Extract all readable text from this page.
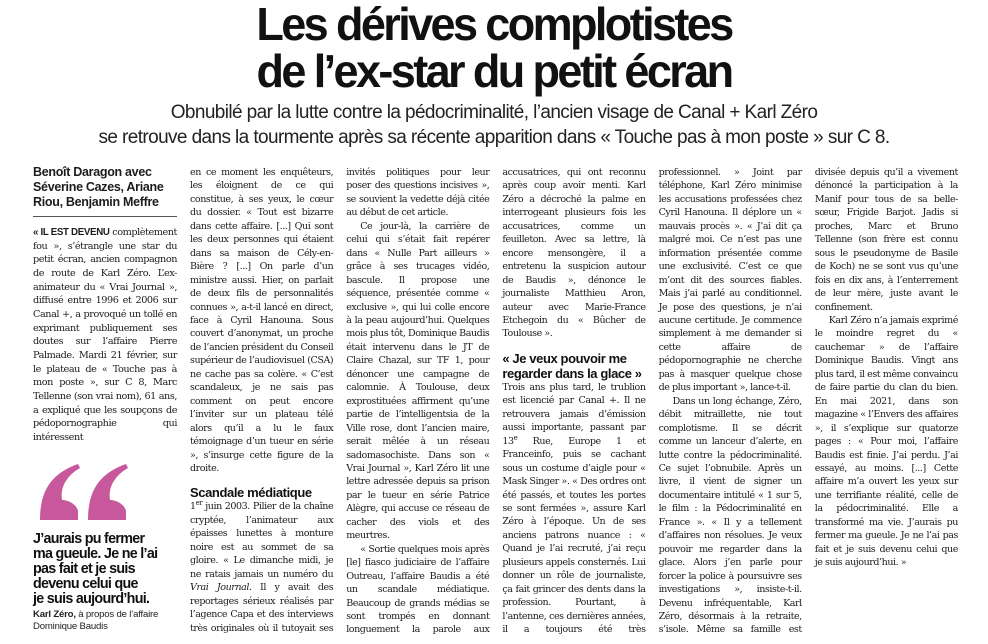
Les dérives complotistes
de l’ex-star du petit écran
Obnubilé par la lutte contre la pédocriminalité, l’ancien visage de Canal + Karl Zéro
se retrouve dans la tourmente après sa récente apparition dans « Touche pas à mon poste » sur C 8.
Benoît Daragon avec Séverine Cazes, Ariane Riou, Benjamin Meffre

« IL EST DEVENU complètement fou », s’étrangle une star du petit écran, ancien compagnon de route de Karl Zéro. L’ex-animateur du « Vrai Journal », diffusé entre 1996 et 2006 sur Canal +, a provoqué un tollé en exprimant publiquement ses doutes sur l’affaire Pierre Palmade. Mardi 21 février, sur le plateau de « Touche pas à mon poste », sur C 8, Marc Tellenne (son vrai nom), 61 ans, a expliqué que les soupçons de pédopornographie qui intéressent

J’aurais pu fermer
ma gueule. Je ne l’ai
pas fait et je suis
devenu celui que
je suis aujourd’hui.
Karl Zéro, à propos de l’affaire Dominique Baudis

en ce moment les enquêteurs, les éloignent de ce qui constitue, à ses yeux, le cœur du dossier. « Tout est bizarre dans cette affaire. [...] Qui sont les deux personnes qui étaient dans sa maison de Cély-en-Bière ? [...] On parle d’un ministre aussi. Hier, on parlait de deux fils de personnalités connues », a-t-il lancé en direct, face à Cyril Hanouna. Sous couvert d’anonymat, un proche de l’ancien président du Conseil supérieur de l’audiovisuel (CSA) ne cache pas sa colère. « C’est scandaleux, je ne sais pas comment on peut encore l’inviter sur un plateau télé alors qu’il a lu le faux témoignage d’un tueur en série », s’insurge cette figure de la droite.

Scandale médiatique

1er juin 2003. Pilier de la chaîne cryptée, l’animateur aux épaisses lunettes à monture noire est au sommet de sa gloire. « Le dimanche midi, je ne ratais jamais un numéro du Vrai Journal. Il y avait des reportages sérieux réalisés par l’agence Capa et des interviews très originales où il tutoyait ses invités politiques pour leur poser des questions incisives », se souvient la vedette déjà citée au début de cet article.

Ce jour-là, la carrière de celui qui s’était fait repérer dans « Nulle Part ailleurs » grâce à ses trucages vidéo, bascule. Il propose une séquence, présentée comme « exclusive », qui lui colle encore à la peau aujourd’hui. Quelques mois plus tôt, Dominique Baudis était intervenu dans le JT de Claire Chazal, sur TF 1, pour dénoncer une campagne de calomnie. À Toulouse, deux exprostituées affirment qu’une partie de l’intelligentsia de la Ville rose, dont l’ancien maire, serait mêlée à un réseau sadomasochiste. Dans son « Vrai Journal », Karl Zéro lit une lettre adressée depuis sa prison par le tueur en série Patrice Alègre, qui accuse ce réseau de cacher des viols et des meurtres.

« Sortie quelques mois après [le] fiasco judiciaire de l’affaire Outreau, l’affaire Baudis a été un scandale médiatique. Beaucoup de grands médias se sont trompés en donnant longuement la parole aux accusatrices, qui ont reconnu après coup avoir menti. Karl Zéro a décroché la palme en interrogeant plusieurs fois les accusatrices, comme un feuilleton. Avec sa lettre, là encore mensongère, il a entretenu la suspicion autour de Baudis », dénonce le journaliste Matthieu Aron, auteur avec Marie-France Etchegoin du « Bûcher de Toulouse ».

« Je veux pouvoir me regarder dans la glace »

Trois ans plus tard, le trublion est licencié par Canal +. Il ne retrouvera jamais d’émission aussi importante, passant par 13e Rue, Europe 1 et Franceinfo, puis se cachant sous un costume d’aigle pour « Mask Singer ». « Des ordres ont été passés, et toutes les portes se sont fermées », assure Karl Zéro à l’époque. Un de ses anciens patrons nuance : « Quand je l’ai recruté, j’ai reçu plusieurs appels consternés. Lui donner un rôle de journaliste, ça fait grincer des dents dans la profession. Pourtant, à l’antenne, ces dernières années, il a toujours été très professionnel. » Joint par téléphone, Karl Zéro minimise les accusations professées chez Cyril Hanouna. Il déplore un « mauvais procès ». « J’ai dit ça malgré moi. Ce n’est pas une information présentée comme une exclusivité. C’est ce que m’ont dit des sources fiables. Mais j’ai parlé au conditionnel. Je pose des questions, je n’ai aucune certitude. Je commence simplement à me demander si cette affaire de pédopornographie ne cherche pas à masquer quelque chose de plus important », lance-t-il.

Dans un long échange, Zéro, débit mitraillette, nie tout complotisme. Il se décrit comme un lanceur d’alerte, en lutte contre la pédocriminalité. Ce sujet l’obnubile. Après un livre, il vient de signer un documentaire intitulé « 1 sur 5, le film : la Pédocriminalité en France ». « Il y a tellement d’affaires non résolues. Je veux pouvoir me regarder dans la glace. Alors j’en parle pour forcer la police à poursuivre ses investigations », insiste-t-il. Devenu infréquentable, Karl Zéro, désormais à la retraite, s’isole. Même sa famille est divisée depuis qu’il a vivement dénoncé la participation à la Manif pour tous de sa belle-sœur, Frigide Barjot. Jadis si proches, Marc et Bruno Tellenne (son frère est connu sous le pseudonyme de Basile de Koch) ne se sont vus qu’une fois en dix ans, à l’enterrement de leur mère, juste avant le confinement.

Karl Zéro n’a jamais exprimé le moindre regret du « cauchemar » de l’affaire Dominique Baudis. Vingt ans plus tard, il est même convaincu de faire partie du clan du bien. En mai 2021, dans son magazine « l’Envers des affaires », il s’explique sur quatorze pages : « Pour moi, l’affaire Baudis est finie. J’ai perdu. J’ai essayé, au moins. [...] Cette affaire m’a ouvert les yeux sur une terrifiante réalité, celle de la pédocriminalité. Elle a transformé ma vie. J’aurais pu fermer ma gueule. Je ne l’ai pas fait et je suis devenu celui que je suis aujourd’hui. »
